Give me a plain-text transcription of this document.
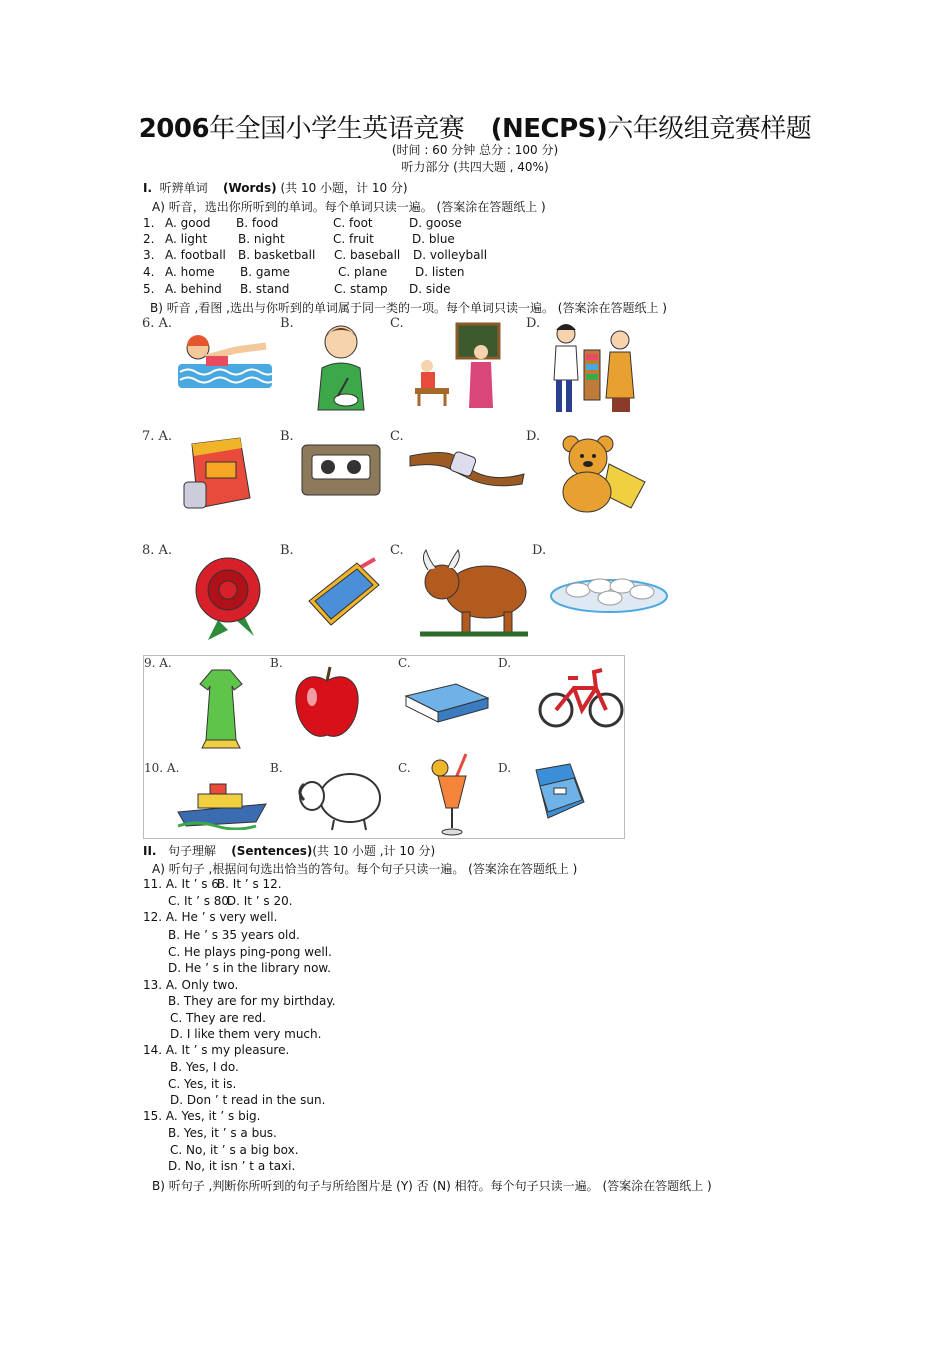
2006年全国小学生英语竞赛 (NECPS)六年级组竞赛样题
(时间 : 60 分钟 总分 : 100 分)
听力部分 (共四大题 , 40%)
I. 听辨单词 (Words) (共 10 小题，计 10 分)
A) 听音，选出你所听到的单词。每个单词只读一遍。 (答案涂在答题纸上 )
1. A. good B. food	C. foot	D. goose
2. A. light	B. night	C. fruit	D. blue
3. A. football B. basketball C. baseball D. volleyball
4. A. home B. game	C. plane D. listen
5. A. behind B. stand	C. stamp D. side
B) 听音 ,看图 ,选出与你听到的单词属于同一类的一项。每个单词只读一遍。 (答案涂在答题纸上 )
6. A.	B.	C.	D.
7. A.	B.	C.	D.
8. A.	B.	C.	D.
9. A.	B.	C.	D.
10. A.	B.	C.	D.
II. 句子理解 (Sentences)(共 10 小题 ,计 10 分)
A) 听句子 ,根据问句选出恰当的答句。每个句子只读一遍。 (答案涂在答题纸上 )
11. A. It ’ s 6B. It ’ s 12.
C. It ’ s 80.D. It ’ s 20.
12. A. He ’ s very well.
B. He ’ s 35 years old.
C. He plays ping-pong well.
D. He ’ s in the library now.
13. A. Only two.
B. They are for my birthday.
C. They are red.
D. I like them very much.
14. A. It ’ s my pleasure.
B. Yes, I do.
C. Yes, it is.
D. Don ’ t read in the sun.
15. A. Yes, it ’ s big.
B. Yes, it ’ s a bus.
C. No, it ’ s a big box.
D. No, it isn ’ t a taxi.
B) 听句子 ,判断你所听到的句子与所给图片是 (Y) 否 (N) 相符。每个句子只读一遍。 (答案涂在答题纸上 )
